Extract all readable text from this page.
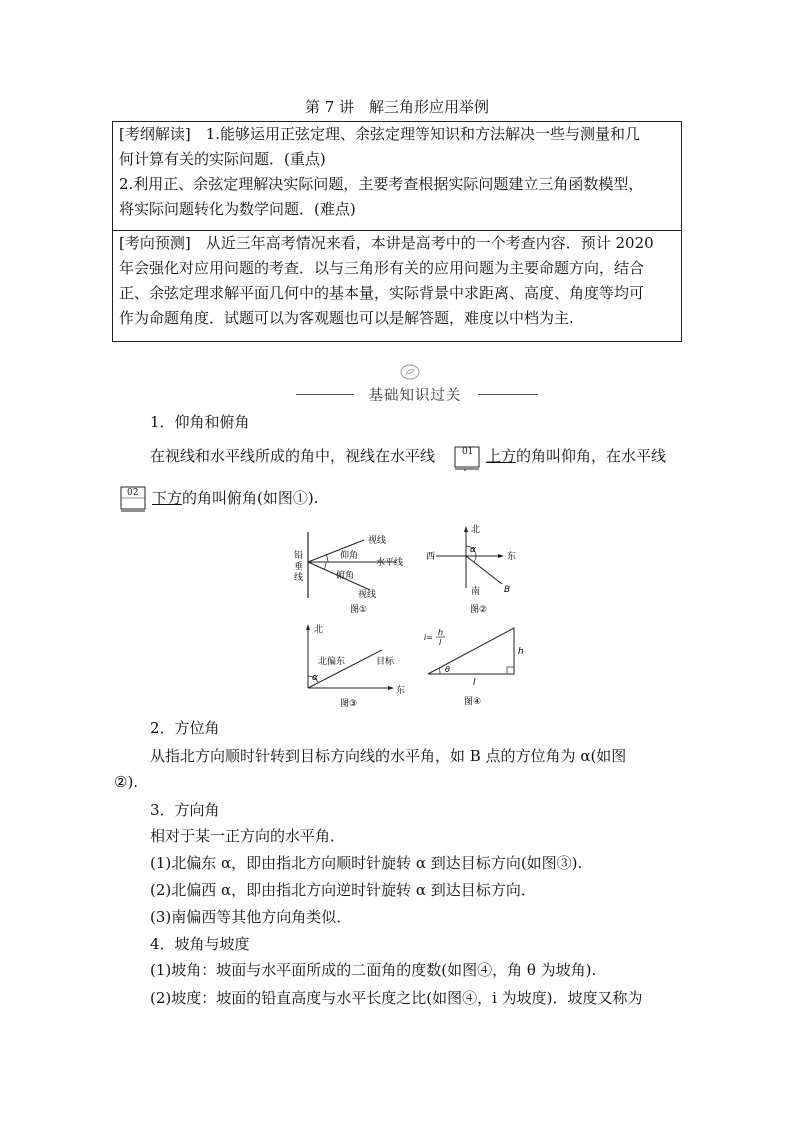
第 7 讲　解三角形应用举例
[考纲解读]　 1.能够运用正弦定理、余弦定理等知识和方法解决一些与测量和几
何计算有关的实际问题．(重点)
2.利用正、余弦定理解决实际问题，主要考查根据实际问题建立三角函数模型，
将实际问题转化为数学问题．(难点)
[考向预测]　 从近三年高考情况来看，本讲是高考中的一个考查内容．预计 2020
年会强化对应用问题的考查．以与三角形有关的应用问题为主要命题方向，结合
正、余弦定理求解平面几何中的基本量，实际背景中求距离、高度、角度等均可
作为命题角度．试题可以为客观题也可以是解答题，难度以中档为主.
基础知识过关
1．仰角和俯角
在视线和水平线所成的角中，视线在水平线	01 上方的角叫仰角，在水平线
02 下方的角叫俯角(如图①).
铅
垂
线
视线
仰角
水平线
俯角
视线
图①
北
西	东
南
α
B
图②
北
北偏东	目标
α
东
图③
i=
h
l
h
θ
l
图④
2．方位角
从指北方向顺时针转到目标方向线的水平角，如 B 点的方位角为 α(如图
②).
3．方向角
相对于某一正方向的水平角．
(1)北偏东 α，即由指北方向顺时针旋转 α 到达目标方向(如图③).
(2)北偏西 α，即由指北方向逆时针旋转 α 到达目标方向．
(3)南偏西等其他方向角类似．
4．坡角与坡度
(1)坡角：坡面与水平面所成的二面角的度数(如图④，角 θ 为坡角).
(2)坡度：坡面的铅直高度与水平长度之比(如图④，i 为坡度)．坡度又称为
